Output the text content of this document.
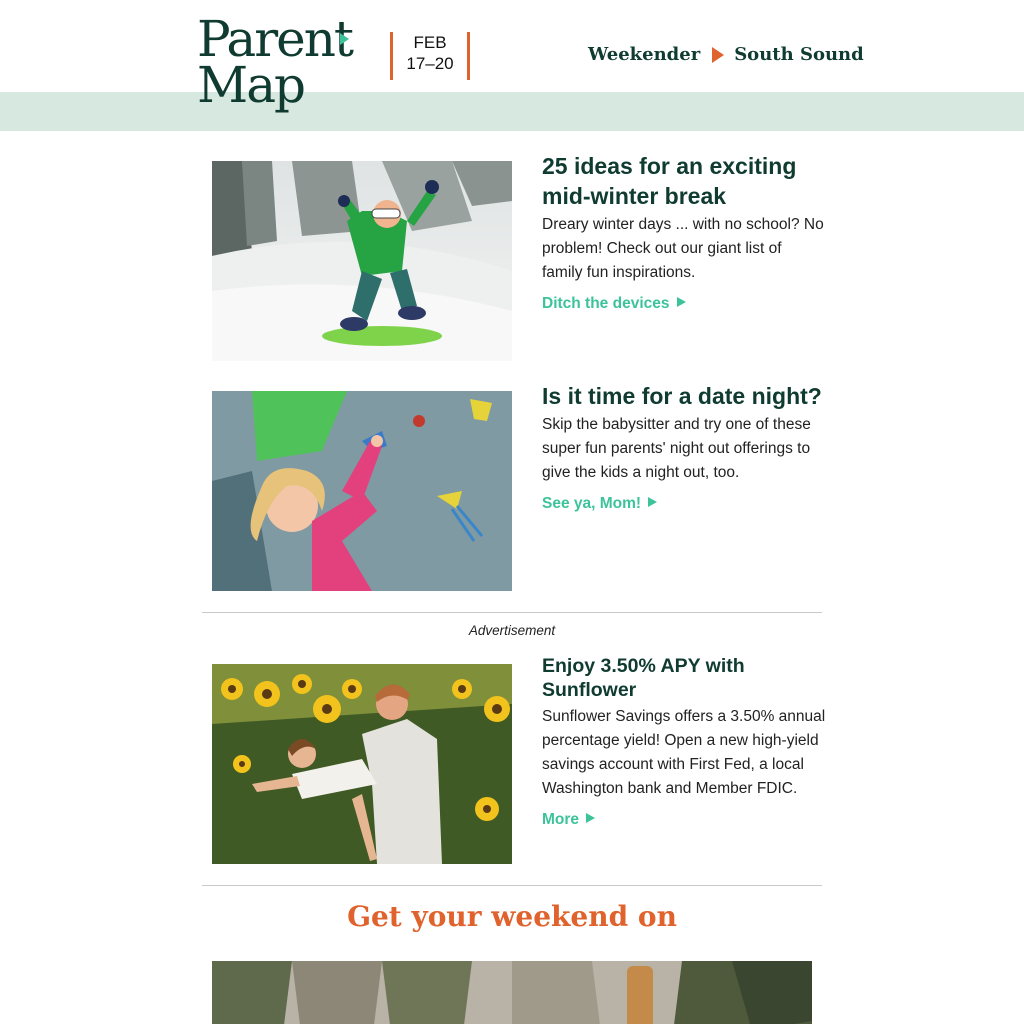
Parent
Map
FEB
17–20	Weekender South Sound
25 ideas for an exciting mid-winter break

Dreary winter days ... with no school? No problem! Check out our giant list of family fun inspirations.

Ditch the devices
Is it time for a date night?

Skip the babysitter and try one of these super fun parents' night out offerings to give the kids a night out, too.

See ya, Mom!
Advertisement
Enjoy 3.50% APY with Sunflower

Sunflower Savings offers a 3.50% annual percentage yield! Open a new high-yield savings account with First Fed, a local Washington bank and Member FDIC.

More
Get your weekend on
